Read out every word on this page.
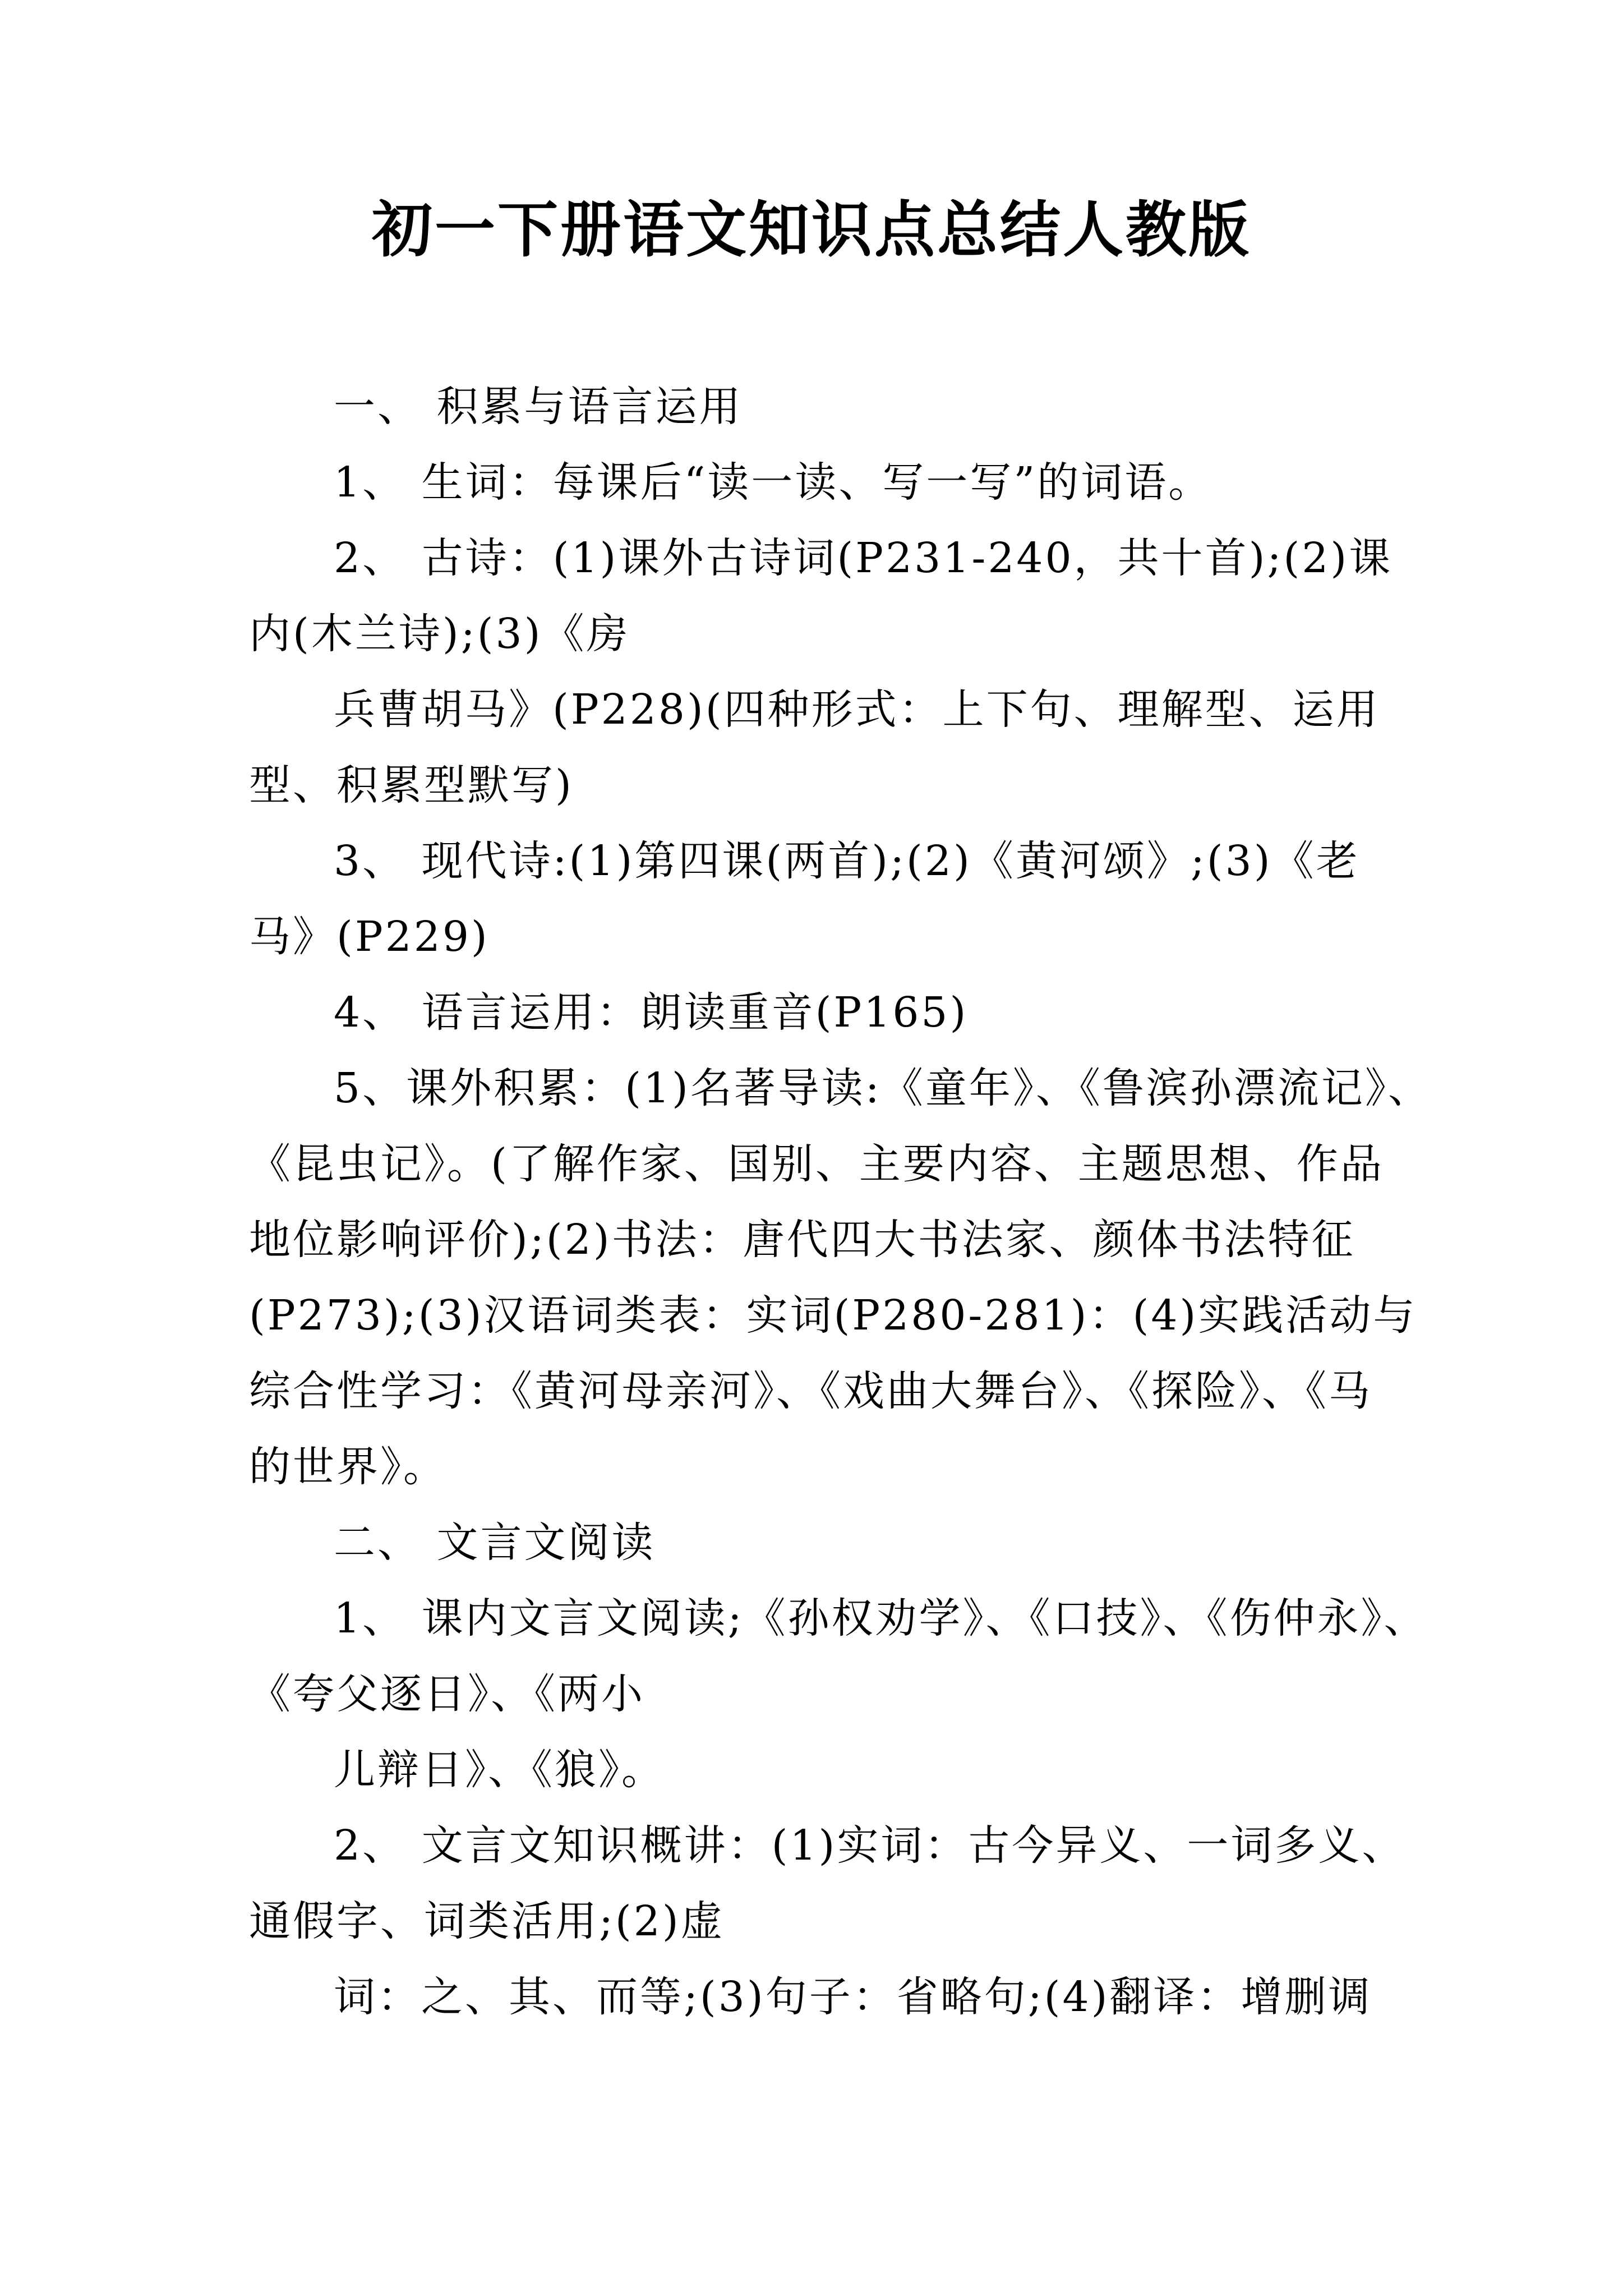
初一下册语文知识点总结人教版
一、 积累与语言运用
1、 生词：每课后“读一读、写一写”的词语。
2、 古诗：(1)课外古诗词(P231-240，共十首);(2)课
内(木兰诗);(3)《房
兵曹胡马》(P228)(四种形式：上下句、理解型、运用
型、积累型默写)
3、 现代诗:(1)第四课(两首);(2)《黄河颂》;(3)《老
马》(P229)
4、 语言运用：朗读重音(P165)
5、课外积累：(1)名著导读:《童年》、《鲁滨孙漂流记》、
《昆虫记》。(了解作家、国别、主要内容、主题思想、作品
地位影响评价);(2)书法：唐代四大书法家、颜体书法特征
(P273);(3)汉语词类表：实词(P280-281)：(4)实践活动与
综合性学习：《黄河母亲河》、《戏曲大舞台》、《探险》、《马
的世界》。
二、 文言文阅读
1、 课内文言文阅读;《孙权劝学》、《口技》、《伤仲永》、
《夸父逐日》、《两小
儿辩日》、《狼》。
2、 文言文知识概讲：(1)实词：古今异义、一词多义、
通假字、词类活用;(2)虚
词：之、其、而等;(3)句子：省略句;(4)翻译：增删调
